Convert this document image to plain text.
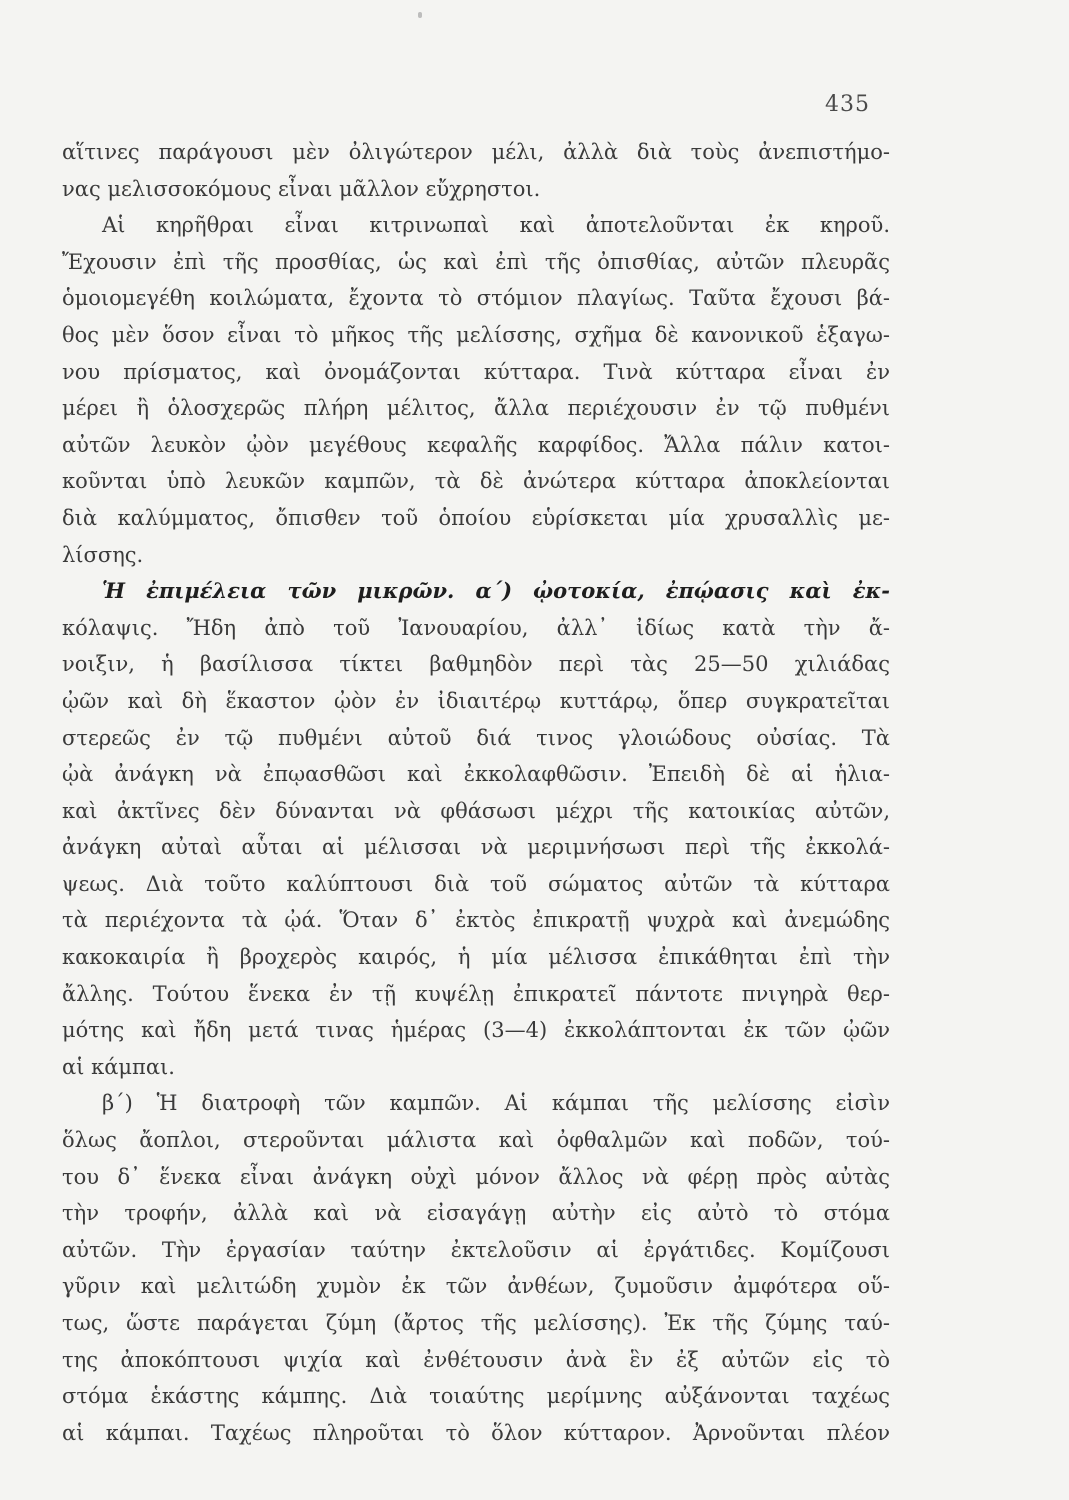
435
αἵτινες παράγουσι μὲν ὀλιγώτερον μέλι, ἀλλὰ διὰ τοὺς ἀνεπιστήμο-
νας μελισσοκόμους εἶναι μᾶλλον εὔχρηστοι.
Αἱ κηρῆθραι εἶναι κιτρινωπαὶ καὶ ἀποτελοῦνται ἐκ κηροῦ.
Ἔχουσιν ἐπὶ τῆς προσθίας, ὡς καὶ ἐπὶ τῆς ὀπισθίας, αὐτῶν πλευρᾶς
ὁμοιομεγέθη κοιλώματα, ἔχοντα τὸ στόμιον πλαγίως. Ταῦτα ἔχουσι βά-
θος μὲν ὅσον εἶναι τὸ μῆκος τῆς μελίσσης, σχῆμα δὲ κανονικοῦ ἑξαγω-
νου πρίσματος, καὶ ὀνομάζονται κύτταρα. Τινὰ κύτταρα εἶναι ἐν
μέρει ἢ ὁλοσχερῶς πλήρη μέλιτος, ἄλλα περιέχουσιν ἐν τῷ πυθμένι
αὐτῶν λευκὸν ᾠὸν μεγέθους κεφαλῆς καρφίδος. Ἄλλα πάλιν κατοι-
κοῦνται ὑπὸ λευκῶν καμπῶν, τὰ δὲ ἀνώτερα κύτταρα ἀποκλείονται
διὰ καλύμματος, ὄπισθεν τοῦ ὁποίου εὑρίσκεται μία χρυσαλλὶς με-
λίσσης.
Ἡ ἐπιμέλεια τῶν μικρῶν. α΄) ᾠοτοκία, ἐπῴασις καὶ ἐκ-
κόλαψις. Ἤδη ἀπὸ τοῦ Ἰανουαρίου, ἀλλ᾽ ἰδίως κατὰ τὴν ἄ-
νοιξιν, ἡ βασίλισσα τίκτει βαθμηδὸν περὶ τὰς 25—50 χιλιάδας
ᾠῶν καὶ δὴ ἕκαστον ᾠὸν ἐν ἰδιαιτέρῳ κυττάρῳ, ὅπερ συγκρατεῖται
στερεῶς ἐν τῷ πυθμένι αὐτοῦ διά τινος γλοιώδους οὐσίας. Τὰ
ᾠὰ ἀνάγκη νὰ ἐπῳασθῶσι καὶ ἐκκολαφθῶσιν. Ἐπειδὴ δὲ αἱ ἡλια-
καὶ ἀκτῖνες δὲν δύνανται νὰ φθάσωσι μέχρι τῆς κατοικίας αὐτῶν,
ἀνάγκη αὐταὶ αὗται αἱ μέλισσαι νὰ μεριμνήσωσι περὶ τῆς ἐκκολά-
ψεως. Διὰ τοῦτο καλύπτουσι διὰ τοῦ σώματος αὐτῶν τὰ κύτταρα
τὰ περιέχοντα τὰ ᾠά. Ὅταν δ᾽ ἐκτὸς ἐπικρατῇ ψυχρὰ καὶ ἀνεμώδης
κακοκαιρία ἢ βροχερὸς καιρός, ἡ μία μέλισσα ἐπικάθηται ἐπὶ τὴν
ἄλλης. Τούτου ἕνεκα ἐν τῇ κυψέλῃ ἐπικρατεῖ πάντοτε πνιγηρὰ θερ-
μότης καὶ ἤδη μετά τινας ἡμέρας (3—4) ἐκκολάπτονται ἐκ τῶν ᾠῶν
αἱ κάμπαι.
β΄) Ἡ διατροφὴ τῶν καμπῶν. Αἱ κάμπαι τῆς μελίσσης εἰσὶν
ὅλως ἄοπλοι, στεροῦνται μάλιστα καὶ ὀφθαλμῶν καὶ ποδῶν, τού-
του δ᾽ ἕνεκα εἶναι ἀνάγκη οὐχὶ μόνον ἄλλος νὰ φέρῃ πρὸς αὐτὰς
τὴν τροφήν, ἀλλὰ καὶ νὰ εἰσαγάγῃ αὐτὴν εἰς αὐτὸ τὸ στόμα
αὐτῶν. Τὴν ἐργασίαν ταύτην ἐκτελοῦσιν αἱ ἐργάτιδες. Κομίζουσι
γῦριν καὶ μελιτώδη χυμὸν ἐκ τῶν ἀνθέων, ζυμοῦσιν ἀμφότερα οὕ-
τως, ὥστε παράγεται ζύμη (ἄρτος τῆς μελίσσης). Ἐκ τῆς ζύμης ταύ-
της ἀποκόπτουσι ψιχία καὶ ἐνθέτουσιν ἀνὰ ἓν ἐξ αὐτῶν εἰς τὸ
στόμα ἑκάστης κάμπης. Διὰ τοιαύτης μερίμνης αὐξάνονται ταχέως
αἱ κάμπαι. Ταχέως πληροῦται τὸ ὅλον κύτταρον. Ἀρνοῦνται πλέον
